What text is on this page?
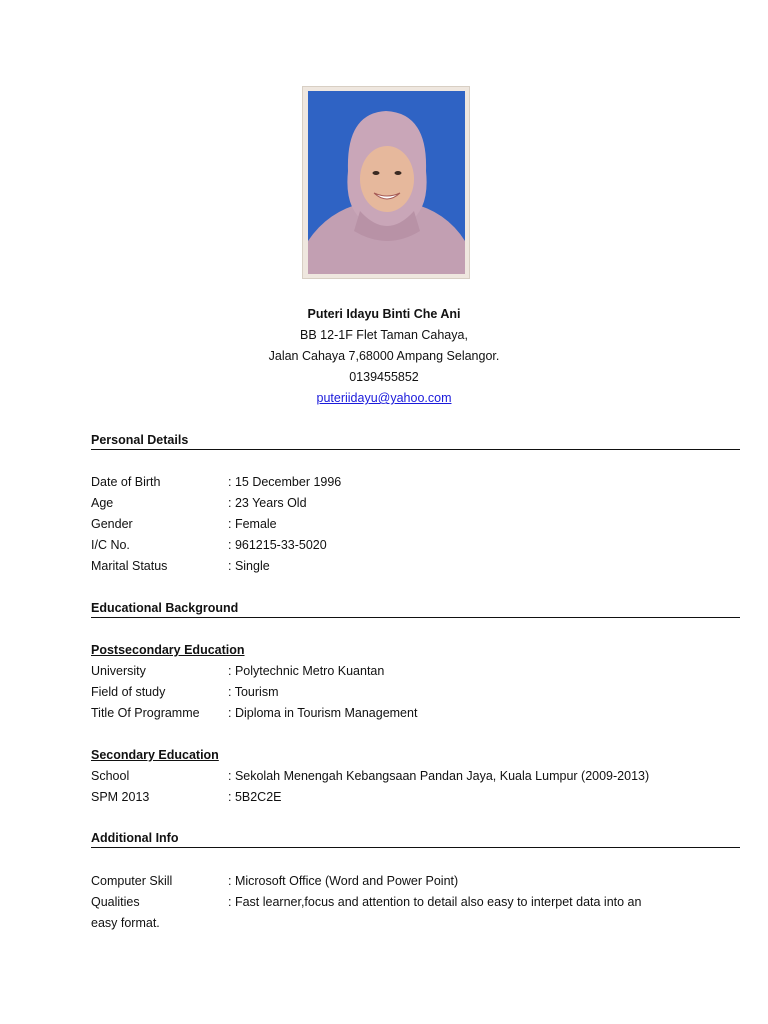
Puteri Idayu Binti Che Ani
BB 12-1F Flet Taman Cahaya,
Jalan Cahaya 7,68000 Ampang Selangor.
0139455852
puteriidayu@yahoo.com
Personal Details
Date of Birth	: 15 December 1996
Age	: 23 Years Old
Gender	: Female
I/C No.	: 961215-33-5020
Marital Status	: Single
Educational Background
Postsecondary Education
University	: Polytechnic Metro Kuantan
Field of study	: Tourism
Title Of Programme : Diploma in Tourism Management
Secondary Education
School	: Sekolah Menengah Kebangsaan Pandan Jaya, Kuala Lumpur (2009-2013)
SPM 2013	: 5B2C2E
Additional Info
Computer Skill	: Microsoft Office (Word and Power Point)
Qualities	: Fast learner,focus and attention to detail also easy to interpet data into an
easy format.
